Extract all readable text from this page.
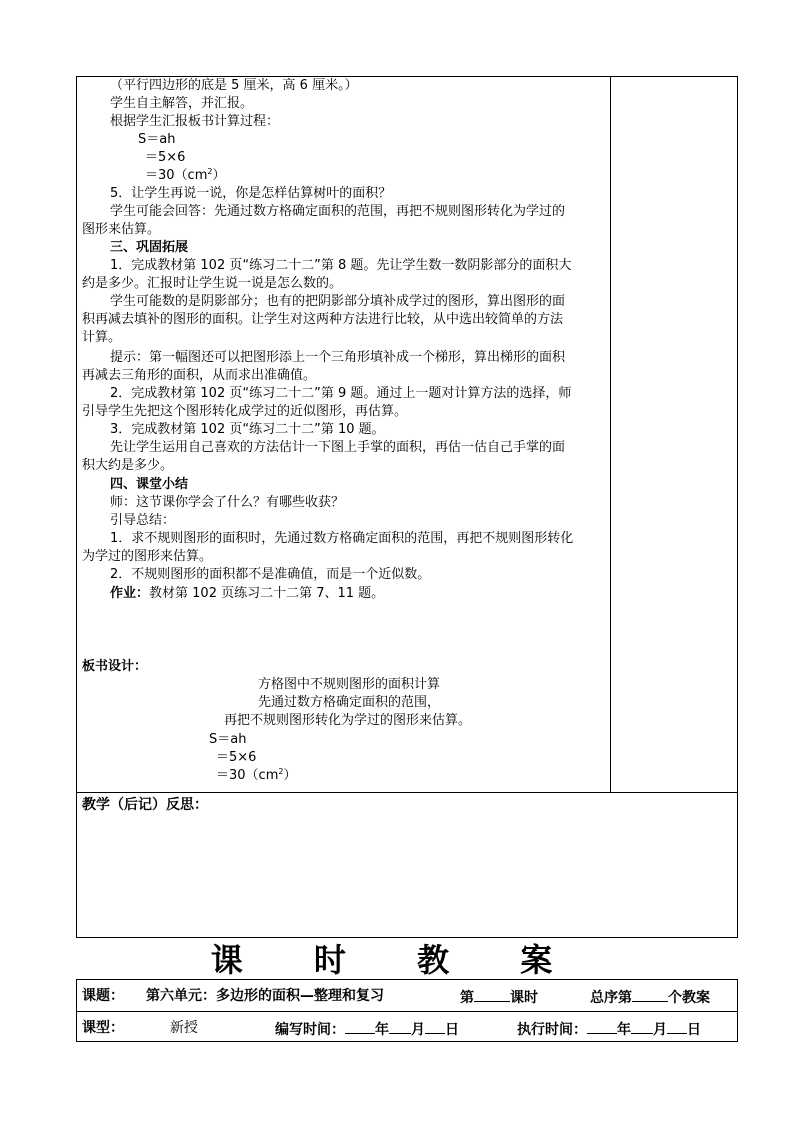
（平行四边形的底是 5 厘米，高 6 厘米。）
学生自主解答，并汇报。
根据学生汇报板书计算过程：
S＝ah
＝5×6
$=30(cm^2)$
5．让学生再说一说，你是怎样估算树叶的面积？
学生可能会回答：先通过数方格确定面积的范围，再把不规则图形转化为学过的
图形来估算。
三、巩固拓展
1．完成教材第 102 页“练习二十二”第 8 题。先让学生数一数阴影部分的面积大
约是多少。汇报时让学生说一说是怎么数的。
学生可能数的是阴影部分；也有的把阴影部分填补成学过的图形，算出图形的面
积再减去填补的图形的面积。让学生对这两种方法进行比较，从中选出较简单的方法
计算。
提示：第一幅图还可以把图形添上一个三角形填补成一个梯形，算出梯形的面积
再减去三角形的面积，从而求出准确值。
2．完成教材第 102 页“练习二十二”第 9 题。通过上一题对计算方法的选择，师
引导学生先把这个图形转化成学过的近似图形，再估算。
3．完成教材第 102 页“练习二十二”第 10 题。
先让学生运用自己喜欢的方法估计一下图上手掌的面积，再估一估自己手掌的面
积大约是多少。
四、课堂小结
师：这节课你学会了什么？有哪些收获？
引导总结：
1．求不规则图形的面积时，先通过数方格确定面积的范围，再把不规则图形转化
为学过的图形来估算。
2．不规则图形的面积都不是准确值，而是一个近似数。
作业：教材第 102 页练习二十二第 7、11 题。
板书设计：
方格图中不规则图形的面积计算
先通过数方格确定面积的范围，
再把不规则图形转化为学过的图形来估算。
S＝ah
＝5×6
$=30(cm^2)$
教学（后记）反思：
课 时 教 案
课题： 第六单元：多边形的面积—整理和复习	第	课时	总序第	个教案
课型：	新授	编写时间： 年 月 日	执行时间： 年 月 日
